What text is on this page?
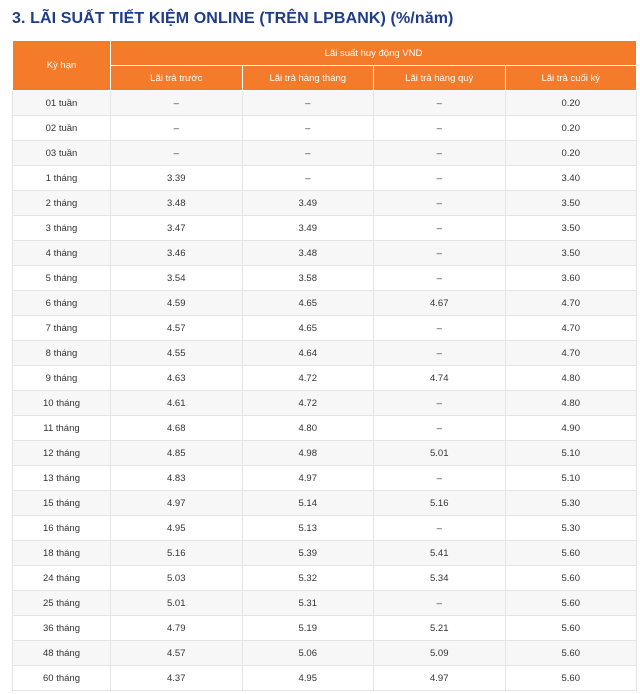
3. LÃI SUẤT TIẾT KIỆM ONLINE (TRÊN LPBANK) (%/năm)
Kỳ hạn	Lãi suất huy động VND			
	Lãi trả trước	Lãi trả hàng tháng	Lãi trả hàng quý	Lãi trả cuối kỳ
01 tuần	–	–	–	0.20
02 tuần	–	–	–	0.20
03 tuần	–	–	–	0.20
1 tháng	3.39	–	–	3.40
2 tháng	3.48	3.49	–	3.50
3 tháng	3.47	3.49	–	3.50
4 tháng	3.46	3.48	–	3.50
5 tháng	3.54	3.58	–	3.60
6 tháng	4.59	4.65	4.67	4.70
7 tháng	4.57	4.65	–	4.70
8 tháng	4.55	4.64	–	4.70
9 tháng	4.63	4.72	4.74	4.80
10 tháng	4.61	4.72	–	4.80
11 tháng	4.68	4.80	–	4.90
12 tháng	4.85	4.98	5.01	5.10
13 tháng	4.83	4.97	–	5.10
15 tháng	4.97	5.14	5.16	5.30
16 tháng	4.95	5.13	–	5.30
18 tháng	5.16	5.39	5.41	5.60
24 tháng	5.03	5.32	5.34	5.60
25 tháng	5.01	5.31	–	5.60
36 tháng	4.79	5.19	5.21	5.60
48 tháng	4.57	5.06	5.09	5.60
60 tháng	4.37	4.95	4.97	5.60
